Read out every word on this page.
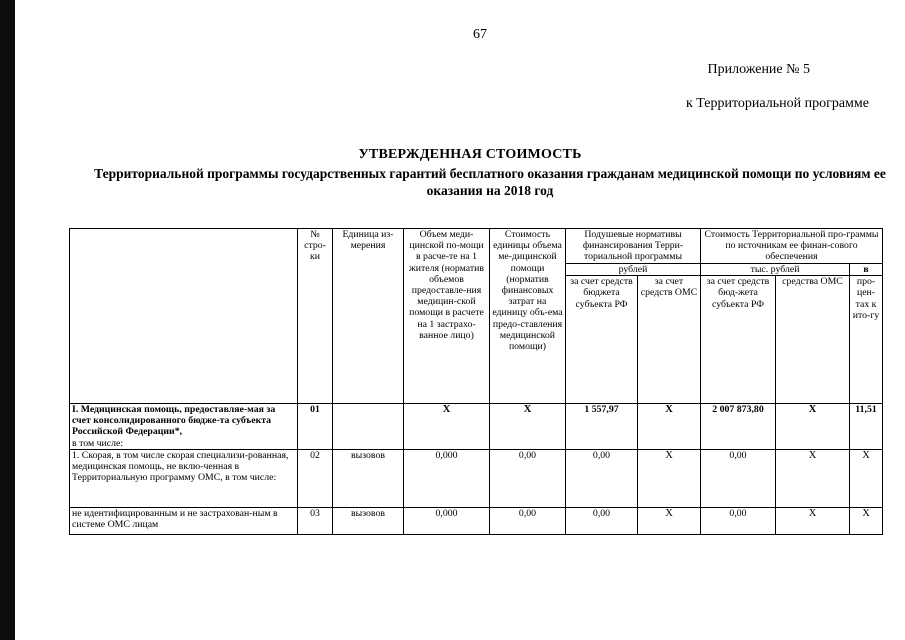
67
Приложение № 5
к Территориальной программе
УТВЕРЖДЕННАЯ СТОИМОСТЬ
Территориальной программы государственных гарантий бесплатного оказания гражданам медицинской помощи по условиям ее оказания на 2018 год
	№ стро-ки	Единица из-мерения	Объем меди-цинской по-мощи в расче-те на 1 жителя (норматив объемов предоставле-ния медицин-ской помощи в расчете на 1 застрахо-ванное лицо)	Стоимость единицы объема ме-дицинской помощи (норматив финансовых затрат на единицу объ-ема предо-ставления медицинской помощи)	Подушевые нормативы финансирования Терри-ториальной программы		Стоимость Территориальной про-граммы по источникам ее финан-сового обеспечения		
					рублей		тыс. рублей		в
					за счет средств бюджета субъекта РФ	за счет средств ОМС	за счет средств бюд-жета субъекта РФ	средства ОМС	про-цен-тах к ито-гу
I. Медицинская помощь, предоставляе-мая за счет консолидированного бюдже-та субъекта Российской Федерации*,
в том числе:	01		X	X	1 557,97	X	2 007 873,80	X	11,51
1. Скорая, в том числе скорая специализи-рованная, медицинская помощь, не вклю-ченная в Территориальную программу ОМС, в том числе:	02	вызовов	0,000	0,00	0,00	X	0,00	X	X
не идентифицированным и не застрахован-ным в системе ОМС лицам	03	вызовов	0,000	0,00	0,00	X	0,00	X	X
